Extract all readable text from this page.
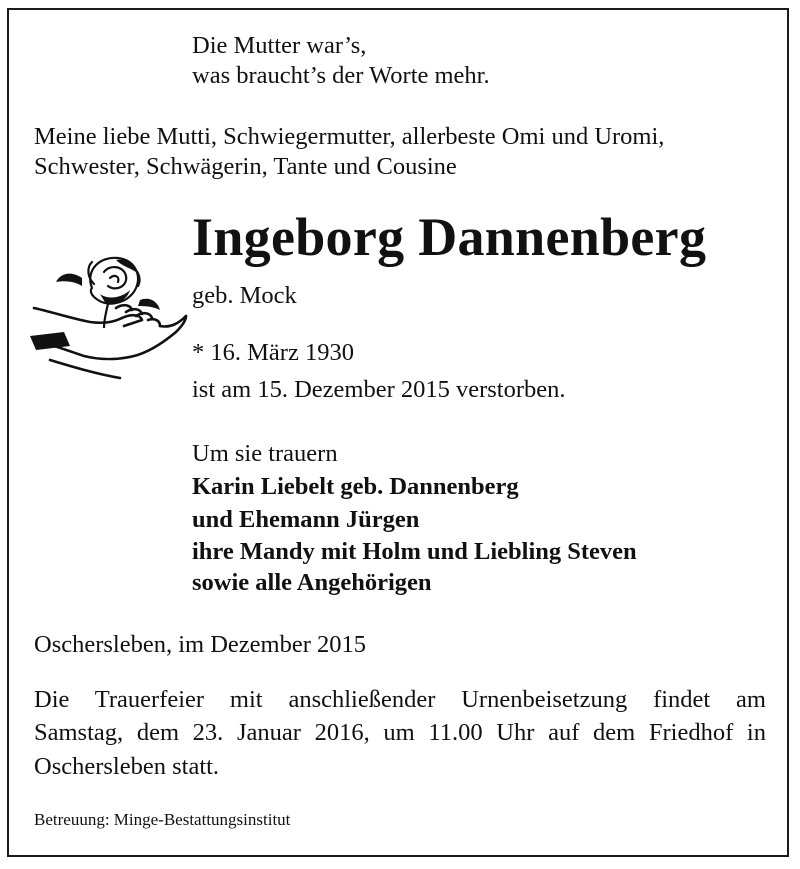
Die Mutter war’s,
was braucht’s der Worte mehr.
Meine liebe Mutti, Schwiegermutter, allerbeste Omi und Uromi,
Schwester, Schwägerin, Tante und Cousine
Ingeborg Dannenberg
geb. Mock
* 16. März 1930
ist am 15. Dezember 2015 verstorben.
Um sie trauern
Karin Liebelt geb. Dannenberg
und Ehemann Jürgen
ihre Mandy mit Holm und Liebling Steven
sowie alle Angehörigen
Oschersleben, im Dezember 2015
Die Trauerfeier mit anschließender Urnenbeisetzung findet am
Samstag, dem 23. Januar 2016, um 11.00 Uhr auf dem Friedhof in
Oschersleben statt.
Betreuung: Minge-Bestattungsinstitut
